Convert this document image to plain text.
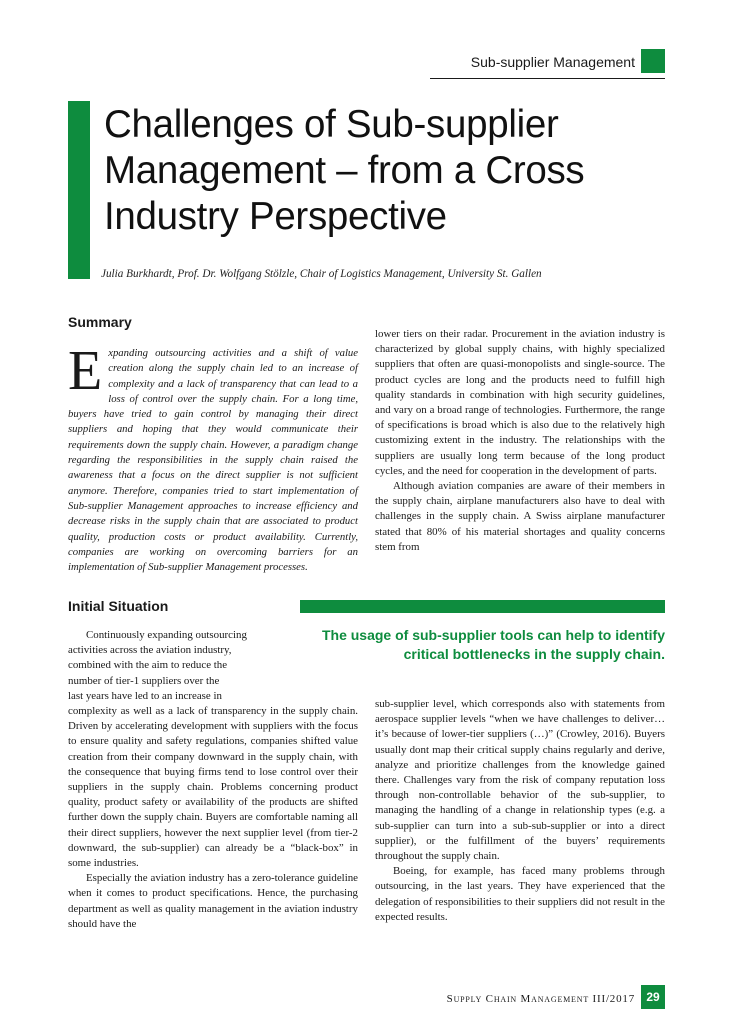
Sub-supplier Management
Challenges of Sub-supplier Management – from a Cross Industry Perspective
Julia Burkhardt, Prof. Dr. Wolfgang Stölzle, Chair of Logistics Management, University St. Gallen
Summary

Expanding outsourcing activities and a shift of value creation along the supply chain led to an increase of complexity and a lack of transparency that can lead to a loss of control over the supply chain. For a long time, buyers have tried to gain control by managing their direct suppliers and hoping that they would communicate their requirements down the supply chain. However, a paradigm change regarding the responsibilities in the supply chain raised the awareness that a focus on the direct supplier is not sufficient anymore. Therefore, companies tried to start implementation of Sub-supplier Management approaches to increase efficiency and decrease risks in the supply chain that are associated to product quality, production costs or product availability. Currently, companies are working on overcoming barriers for an implementation of Sub-supplier Management processes.

lower tiers on their radar. Procurement in the aviation industry is characterized by global supply chains, with highly specialized suppliers that often are quasi-monopolists and single-source. The product cycles are long and the products need to fulfill high quality standards in combination with high security guidelines, and vary on a broad range of technologies. Furthermore, the range of specifications is broad which is also due to the relatively high customizing extent in the industry. The relationships with the suppliers are usually long term because of the long product cycles, and the need for cooperation in the development of parts.

Although aviation companies are aware of their members in the supply chain, airplane manufacturers also have to deal with challenges in the supply chain. A Swiss airplane manufacturer stated that 80% of his material shortages and quality concerns stem from

Initial Situation

The usage of sub-supplier tools can help to identify critical bottlenecks in the supply chain.

Continuously expanding outsourcing

activities across the aviation industry,

combined with the aim to reduce the

number of tier-1 suppliers over the

last years have led to an increase in

complexity as well as a lack of transparency in the supply chain. Driven by accelerating development with suppliers with the focus to ensure quality and safety regulations, companies shifted value creation from their company downward in the supply chain, with the consequence that buying firms tend to lose control over their suppliers in the supply chain. Problems concerning product quality, product safety or availability of the products are shifted further down the supply chain. Buyers are comfortable naming all their direct suppliers, however the next supplier level (from tier-2 downward, the sub-supplier) can already be a “black-box” in some industries.

Especially the aviation industry has a zero-tolerance guideline when it comes to product specifications. Hence, the purchasing department as well as quality management in the aviation industry should have the

sub-supplier level, which corresponds also with statements from aerospace supplier levels “when we have challenges to deliver… it’s because of lower-tier suppliers (…)” (Crowley, 2016). Buyers usually dont map their critical supply chains regularly and derive, analyze and prioritize challenges from the knowledge gained there. Challenges vary from the risk of company reputation loss through non-controllable behavior of the sub-supplier, to managing the handling of a change in relationship types (e.g. a sub-supplier can turn into a sub-sub-supplier or into a direct supplier), or the fulfillment of the buyers’ requirements throughout the supply chain.

Boeing, for example, has faced many problems through outsourcing, in the last years. They have experienced that the delegation of responsibilities to their suppliers did not result in the expected results.

Supply Chain Management III/2017 29
